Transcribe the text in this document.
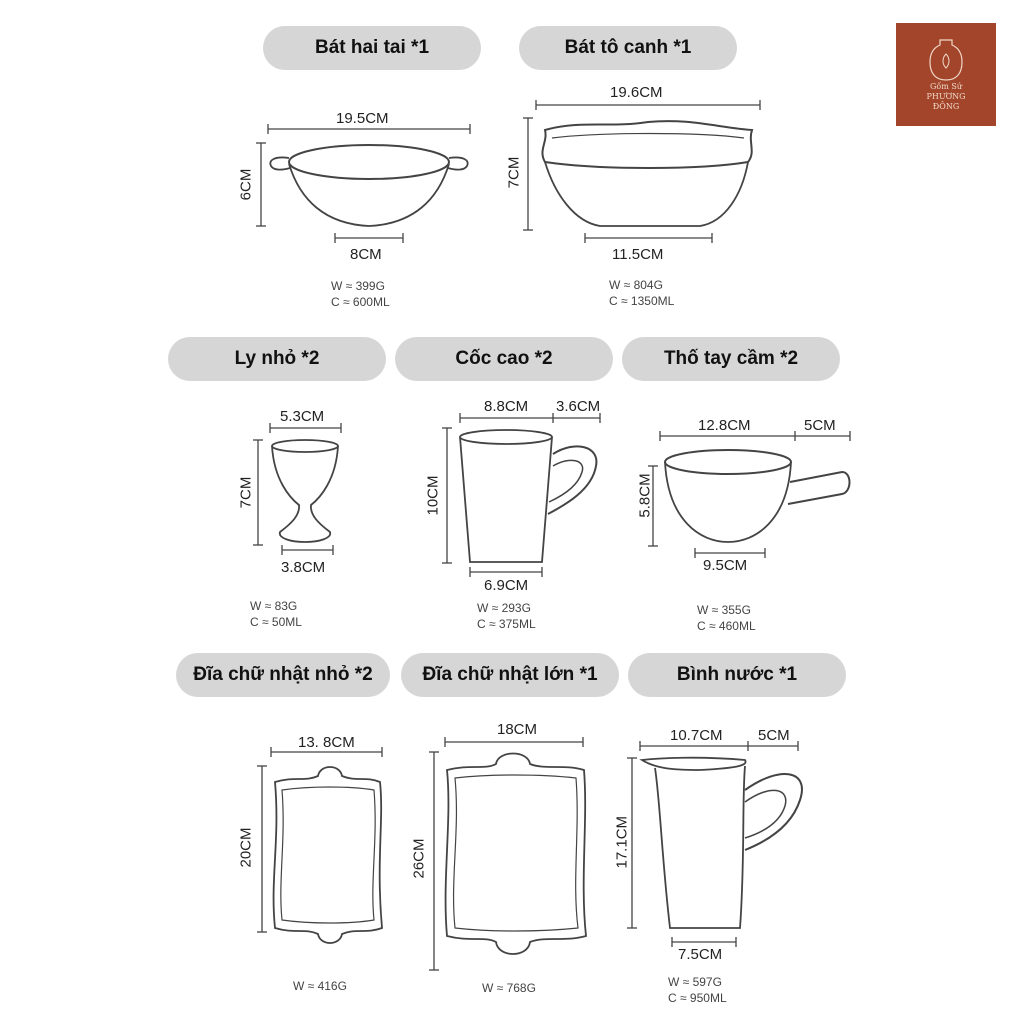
Gốm Sứ
PHƯƠNG
ĐÔNG
Bát hai tai *1	Bát tô canh *1
Ly nhỏ *2	Cốc cao *2	Thố tay cầm *2
Đĩa chữ nhật nhỏ *2	Đĩa chữ nhật lớn *1	Bình nước *1
19.5CM
6CM
8CM
W ≈ 399G
C ≈ 600ML
19.6CM
7CM
11.5CM
W ≈ 804G
C ≈ 1350ML
5.3CM
7CM
3.8CM
W ≈ 83G
C ≈ 50ML
8.8CM 3.6CM
10CM
6.9CM
W ≈ 293G
C ≈ 375ML
12.8CM	5CM
5.8CM
9.5CM
W ≈ 355G
C ≈ 460ML
13. 8CM
20CM
W ≈ 416G
18CM
26CM
W ≈ 768G
10.7CM 5CM
17.1CM
7.5CM
W ≈ 597G
C ≈ 950ML
